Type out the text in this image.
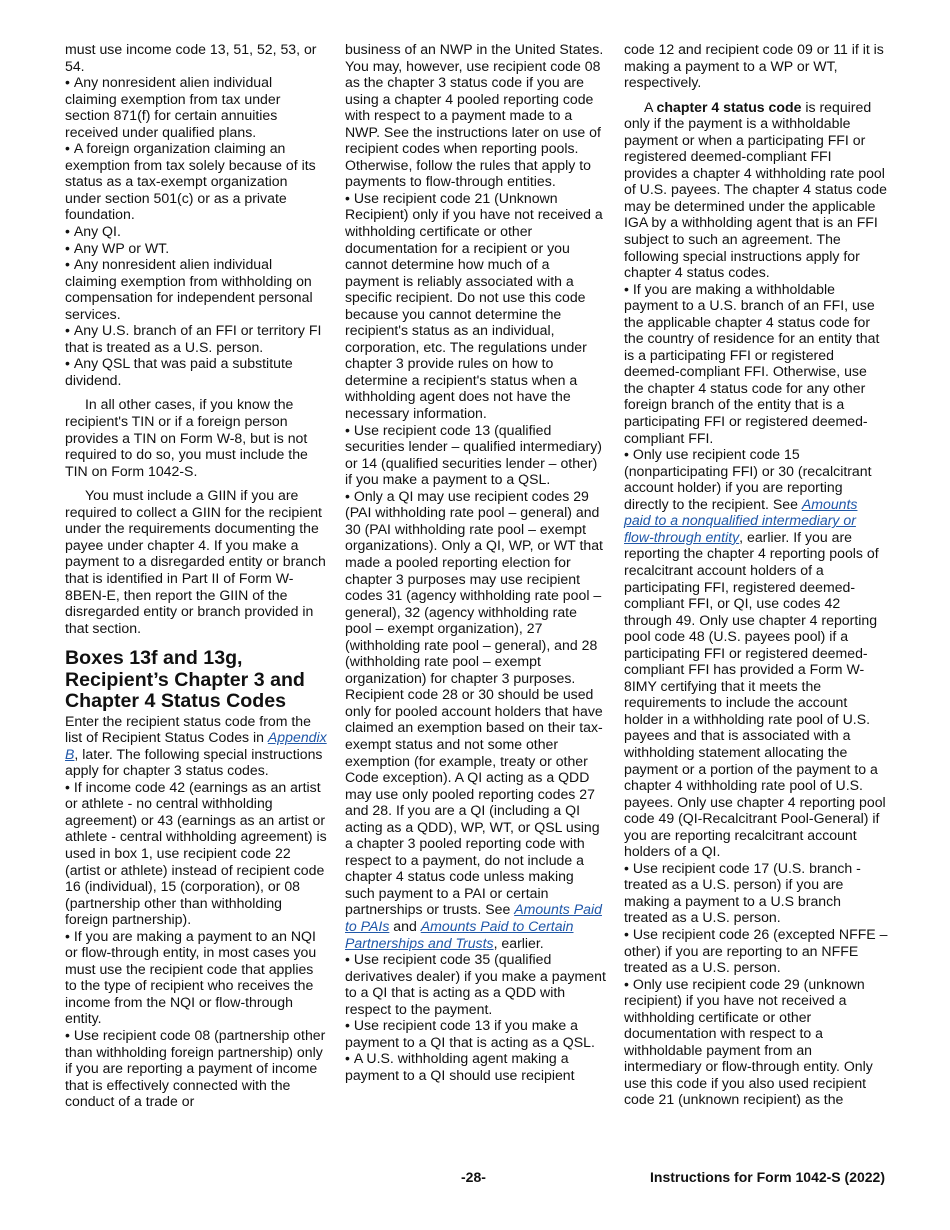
must use income code 13, 51, 52, 53, or 54.

• Any nonresident alien individual claiming exemption from tax under section 871(f) for certain annuities received under qualified plans.

• A foreign organization claiming an exemption from tax solely because of its status as a tax-exempt organization under section 501(c) or as a private foundation.

• Any QI.

• Any WP or WT.

• Any nonresident alien individual claiming exemption from withholding on compensation for independent personal services.

• Any U.S. branch of an FFI or territory FI that is treated as a U.S. person.

• Any QSL that was paid a substitute dividend.

In all other cases, if you know the recipient's TIN or if a foreign person provides a TIN on Form W-8, but is not required to do so, you must include the TIN on Form 1042-S.

You must include a GIIN if you are required to collect a GIIN for the recipient under the requirements documenting the payee under chapter 4. If you make a payment to a disregarded entity or branch that is identified in Part II of Form W-8BEN-E, then report the GIIN of the disregarded entity or branch provided in that section.

Boxes 13f and 13g, Recipient’s Chapter 3 and Chapter 4 Status Codes

Enter the recipient status code from the list of Recipient Status Codes in Appendix B, later. The following special instructions apply for chapter 3 status codes.

• If income code 42 (earnings as an artist or athlete - no central withholding agreement) or 43 (earnings as an artist or athlete - central withholding agreement) is used in box 1, use recipient code 22 (artist or athlete) instead of recipient code 16 (individual), 15 (corporation), or 08 (partnership other than withholding foreign partnership).

• If you are making a payment to an NQI or flow-through entity, in most cases you must use the recipient code that applies to the type of recipient who receives the income from the NQI or flow-through entity.

• Use recipient code 08 (partnership other than withholding foreign partnership) only if you are reporting a payment of income that is effectively connected with the conduct of a trade or

business of an NWP in the United States. You may, however, use recipient code 08 as the chapter 3 status code if you are using a chapter 4 pooled reporting code with respect to a payment made to a NWP. See the instructions later on use of recipient codes when reporting pools. Otherwise, follow the rules that apply to payments to flow-through entities.

• Use recipient code 21 (Unknown Recipient) only if you have not received a withholding certificate or other documentation for a recipient or you cannot determine how much of a payment is reliably associated with a specific recipient. Do not use this code because you cannot determine the recipient's status as an individual, corporation, etc. The regulations under chapter 3 provide rules on how to determine a recipient's status when a withholding agent does not have the necessary information.

• Use recipient code 13 (qualified securities lender – qualified intermediary) or 14 (qualified securities lender – other) if you make a payment to a QSL.

• Only a QI may use recipient codes 29 (PAI withholding rate pool – general) and 30 (PAI withholding rate pool – exempt organizations). Only a QI, WP, or WT that made a pooled reporting election for chapter 3 purposes may use recipient codes 31 (agency withholding rate pool – general), 32 (agency withholding rate pool – exempt organization), 27 (withholding rate pool – general), and 28 (withholding rate pool – exempt organization) for chapter 3 purposes. Recipient code 28 or 30 should be used only for pooled account holders that have claimed an exemption based on their tax-exempt status and not some other exemption (for example, treaty or other Code exception). A QI acting as a QDD may use only pooled reporting codes 27 and 28. If you are a QI (including a QI acting as a QDD), WP, WT, or QSL using a chapter 3 pooled reporting code with respect to a payment, do not include a chapter 4 status code unless making such payment to a PAI or certain partnerships or trusts. See Amounts Paid to PAIs and Amounts Paid to Certain Partnerships and Trusts, earlier.

• Use recipient code 35 (qualified derivatives dealer) if you make a payment to a QI that is acting as a QDD with respect to the payment.

• Use recipient code 13 if you make a payment to a QI that is acting as a QSL.

• A U.S. withholding agent making a payment to a QI should use recipient

code 12 and recipient code 09 or 11 if it is making a payment to a WP or WT, respectively.

A chapter 4 status code is required only if the payment is a withholdable payment or when a participating FFI or registered deemed-compliant FFI provides a chapter 4 withholding rate pool of U.S. payees. The chapter 4 status code may be determined under the applicable IGA by a withholding agent that is an FFI subject to such an agreement. The following special instructions apply for chapter 4 status codes.

• If you are making a withholdable payment to a U.S. branch of an FFI, use the applicable chapter 4 status code for the country of residence for an entity that is a participating FFI or registered deemed-compliant FFI. Otherwise, use the chapter 4 status code for any other foreign branch of the entity that is a participating FFI or registered deemed-compliant FFI.

• Only use recipient code 15 (nonparticipating FFI) or 30 (recalcitrant account holder) if you are reporting directly to the recipient. See Amounts paid to a nonqualified intermediary or flow-through entity, earlier. If you are reporting the chapter 4 reporting pools of recalcitrant account holders of a participating FFI, registered deemed-compliant FFI, or QI, use codes 42 through 49. Only use chapter 4 reporting pool code 48 (U.S. payees pool) if a participating FFI or registered deemed-compliant FFI has provided a Form W-8IMY certifying that it meets the requirements to include the account holder in a withholding rate pool of U.S. payees and that is associated with a withholding statement allocating the payment or a portion of the payment to a chapter 4 withholding rate pool of U.S. payees. Only use chapter 4 reporting pool code 49 (QI-Recalcitrant Pool-General) if you are reporting recalcitrant account holders of a QI.

• Use recipient code 17 (U.S. branch - treated as a U.S. person) if you are making a payment to a U.S branch treated as a U.S. person.

• Use recipient code 26 (excepted NFFE – other) if you are reporting to an NFFE treated as a U.S. person.

• Only use recipient code 29 (unknown recipient) if you have not received a withholding certificate or other documentation with respect to a withholdable payment from an intermediary or flow-through entity. Only use this code if you also used recipient code 21 (unknown recipient) as the

-28-	Instructions for Form 1042-S (2022)
